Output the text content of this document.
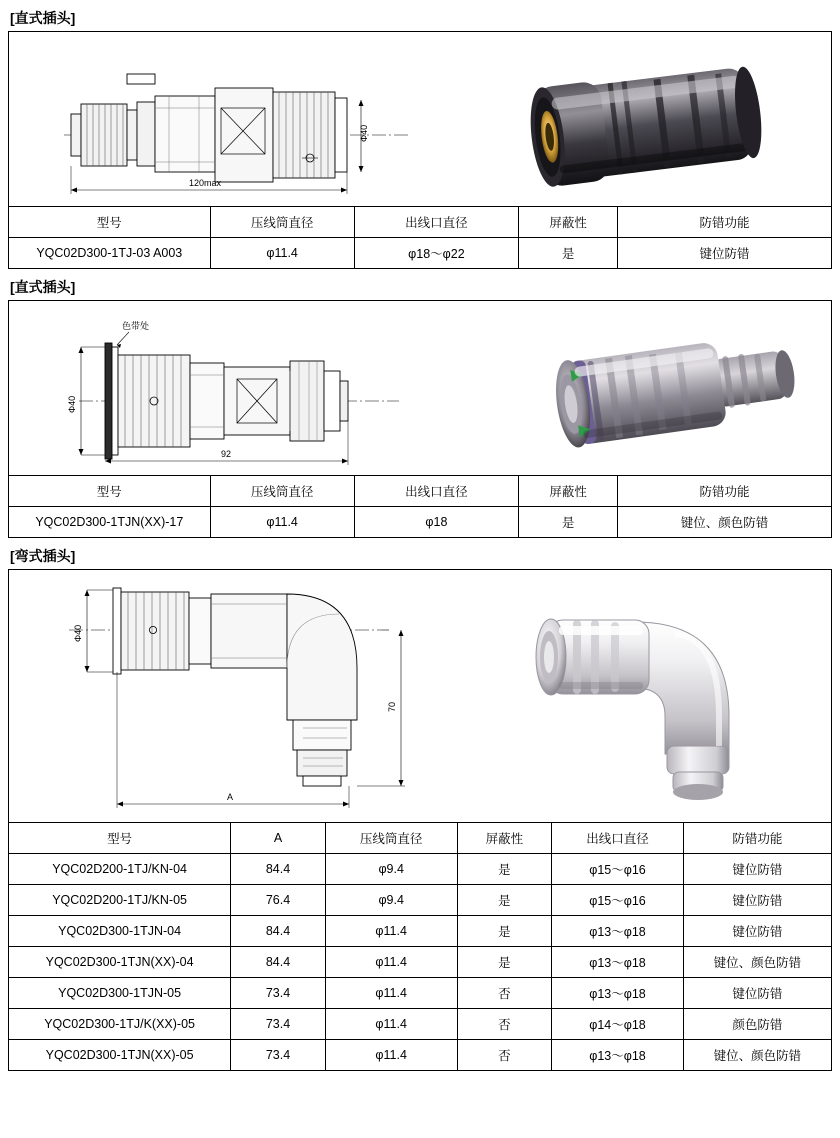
[直式插头]
Φ40
120max
型号	压线筒直径	出线口直径	屏蔽性	防错功能
YQC02D300-1TJ-03 A003	φ11.4	φ18～φ22	是	键位防错
[直式插头]
色带处
Φ40
92
型号	压线筒直径	出线口直径	屏蔽性	防错功能
YQC02D300-1TJN(XX)-17	φ11.4	φ18	是	键位、颜色防错
[弯式插头]
Φ40
70
A
型号	A	压线筒直径	屏蔽性	出线口直径	防错功能
YQC02D200-1TJ/KN-04	84.4	φ9.4	是	φ15～φ16	键位防错
YQC02D200-1TJ/KN-05	76.4	φ9.4	是	φ15～φ16	键位防错
YQC02D300-1TJN-04	84.4	φ11.4	是	φ13～φ18	键位防错
YQC02D300-1TJN(XX)-04	84.4	φ11.4	是	φ13～φ18	键位、颜色防错
YQC02D300-1TJN-05	73.4	φ11.4	否	φ13～φ18	键位防错
YQC02D300-1TJ/K(XX)-05	73.4	φ11.4	否	φ14～φ18	颜色防错
YQC02D300-1TJN(XX)-05	73.4	φ11.4	否	φ13～φ18	键位、颜色防错
